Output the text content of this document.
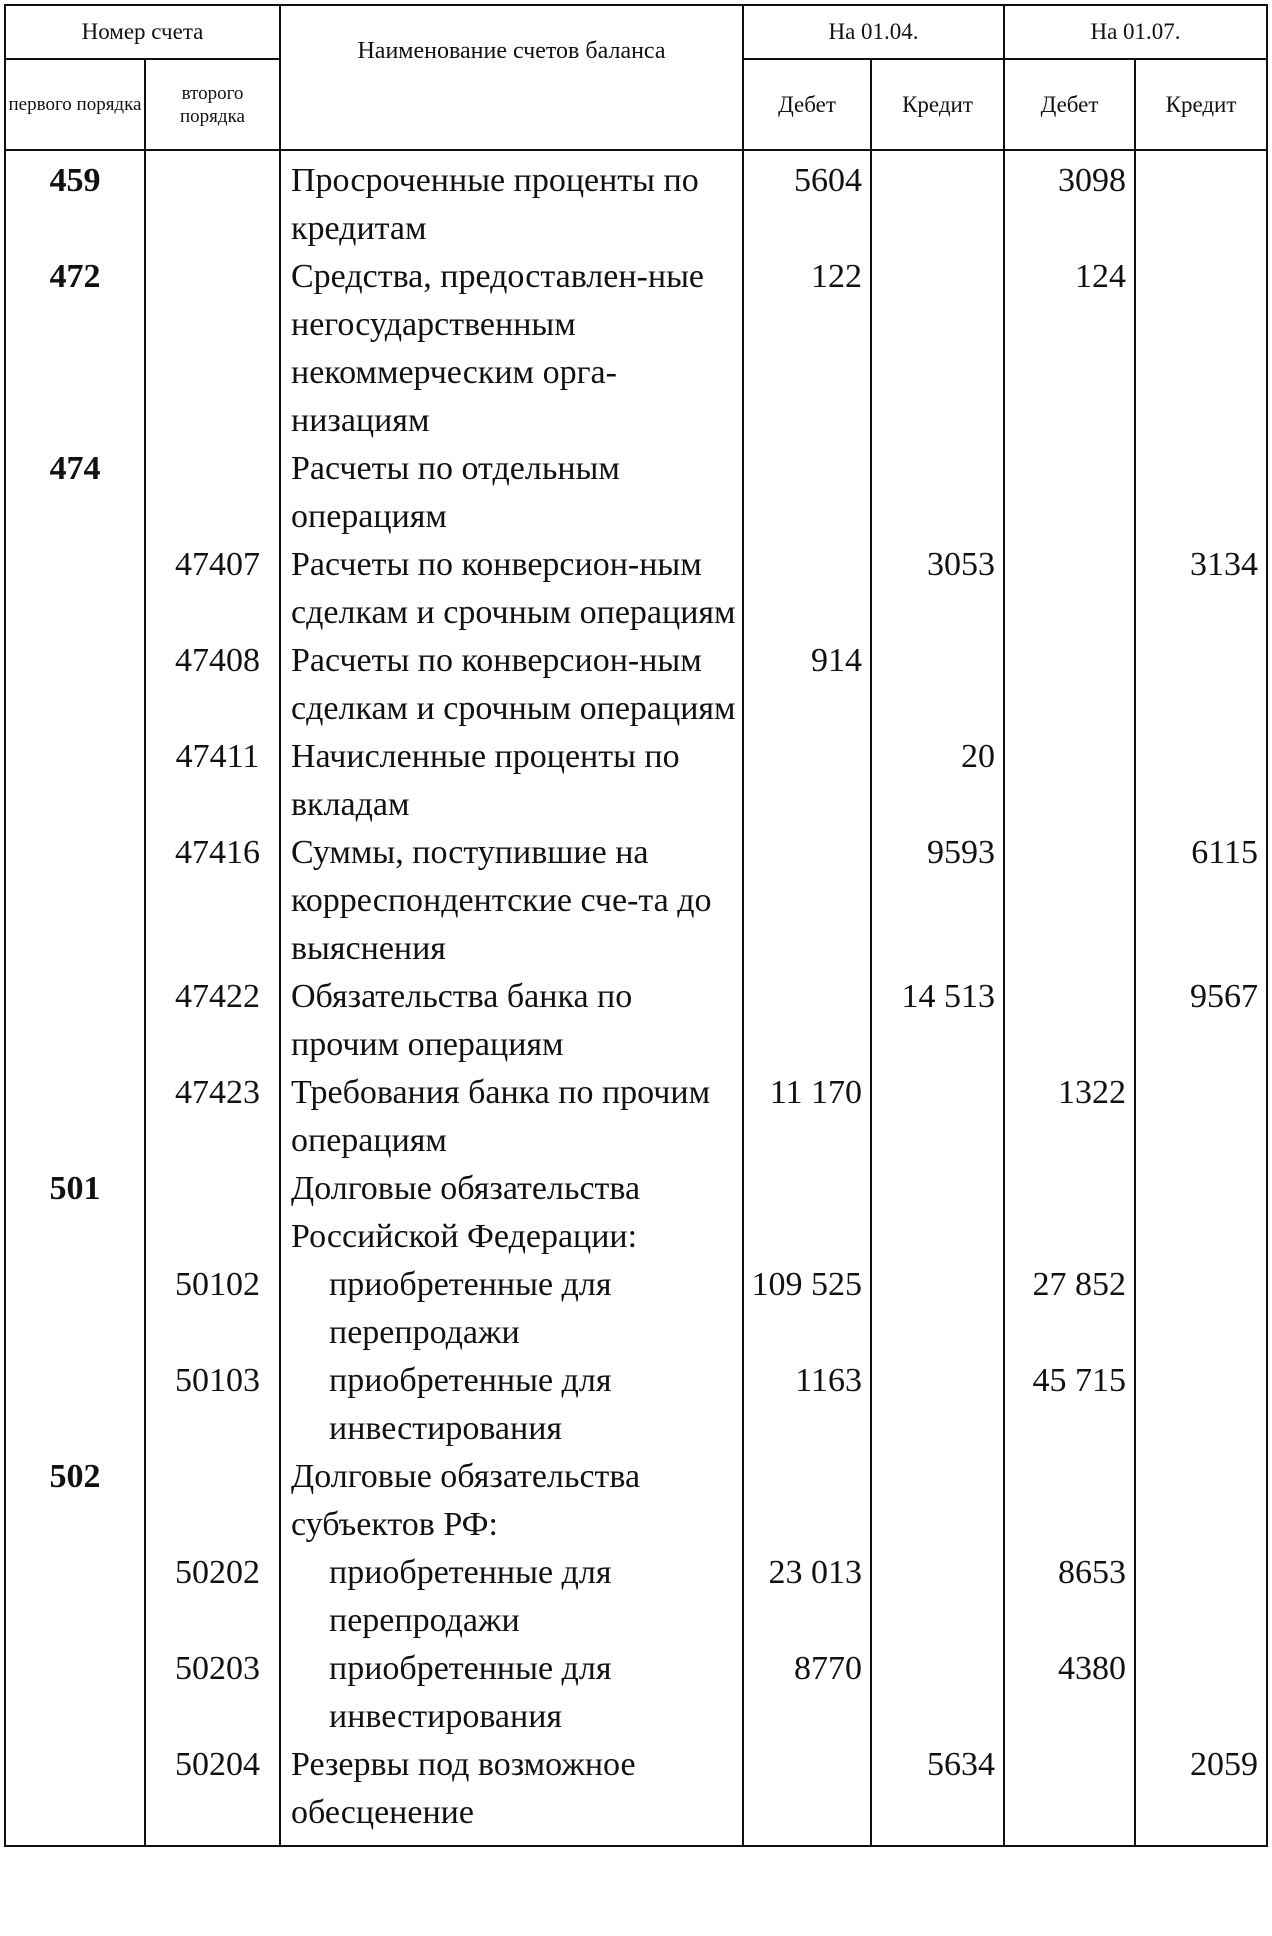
Номер счета		Наименование счетов баланса	На 01.04.		На 01.07.	
первого порядка	второго порядка		Дебет	Кредит	Дебет	Кредит
459		Просроченные проценты по кредитам	5604		3098	
472		Средства, предоставлен-ные негосударственным некоммерческим орга-низациям	122		124	
474		Расчеты по отдельным операциям				
	47407	Расчеты по конверсион-ным сделкам и срочным операциям		3053		3134
	47408	Расчеты по конверсион-ным сделкам и срочным операциям	914			
	47411	Начисленные проценты по вкладам		20		
	47416	Суммы, поступившие на корреспондентские сче-та до выяснения		9593		6115
	47422	Обязательства банка по прочим операциям		14 513		9567
	47423	Требования банка по прочим операциям	11 170		1322	
501		Долговые обязательства Российской Федерации:				
	50102	приобретенные для перепродажи	109 525		27 852	
	50103	приобретенные для инвестирования	1163		45 715	
502		Долговые обязательства субъектов РФ:				
	50202	приобретенные для перепродажи	23 013		8653	
	50203	приобретенные для инвестирования	8770		4380	
	50204	Резервы под возможное обесценение		5634		2059
